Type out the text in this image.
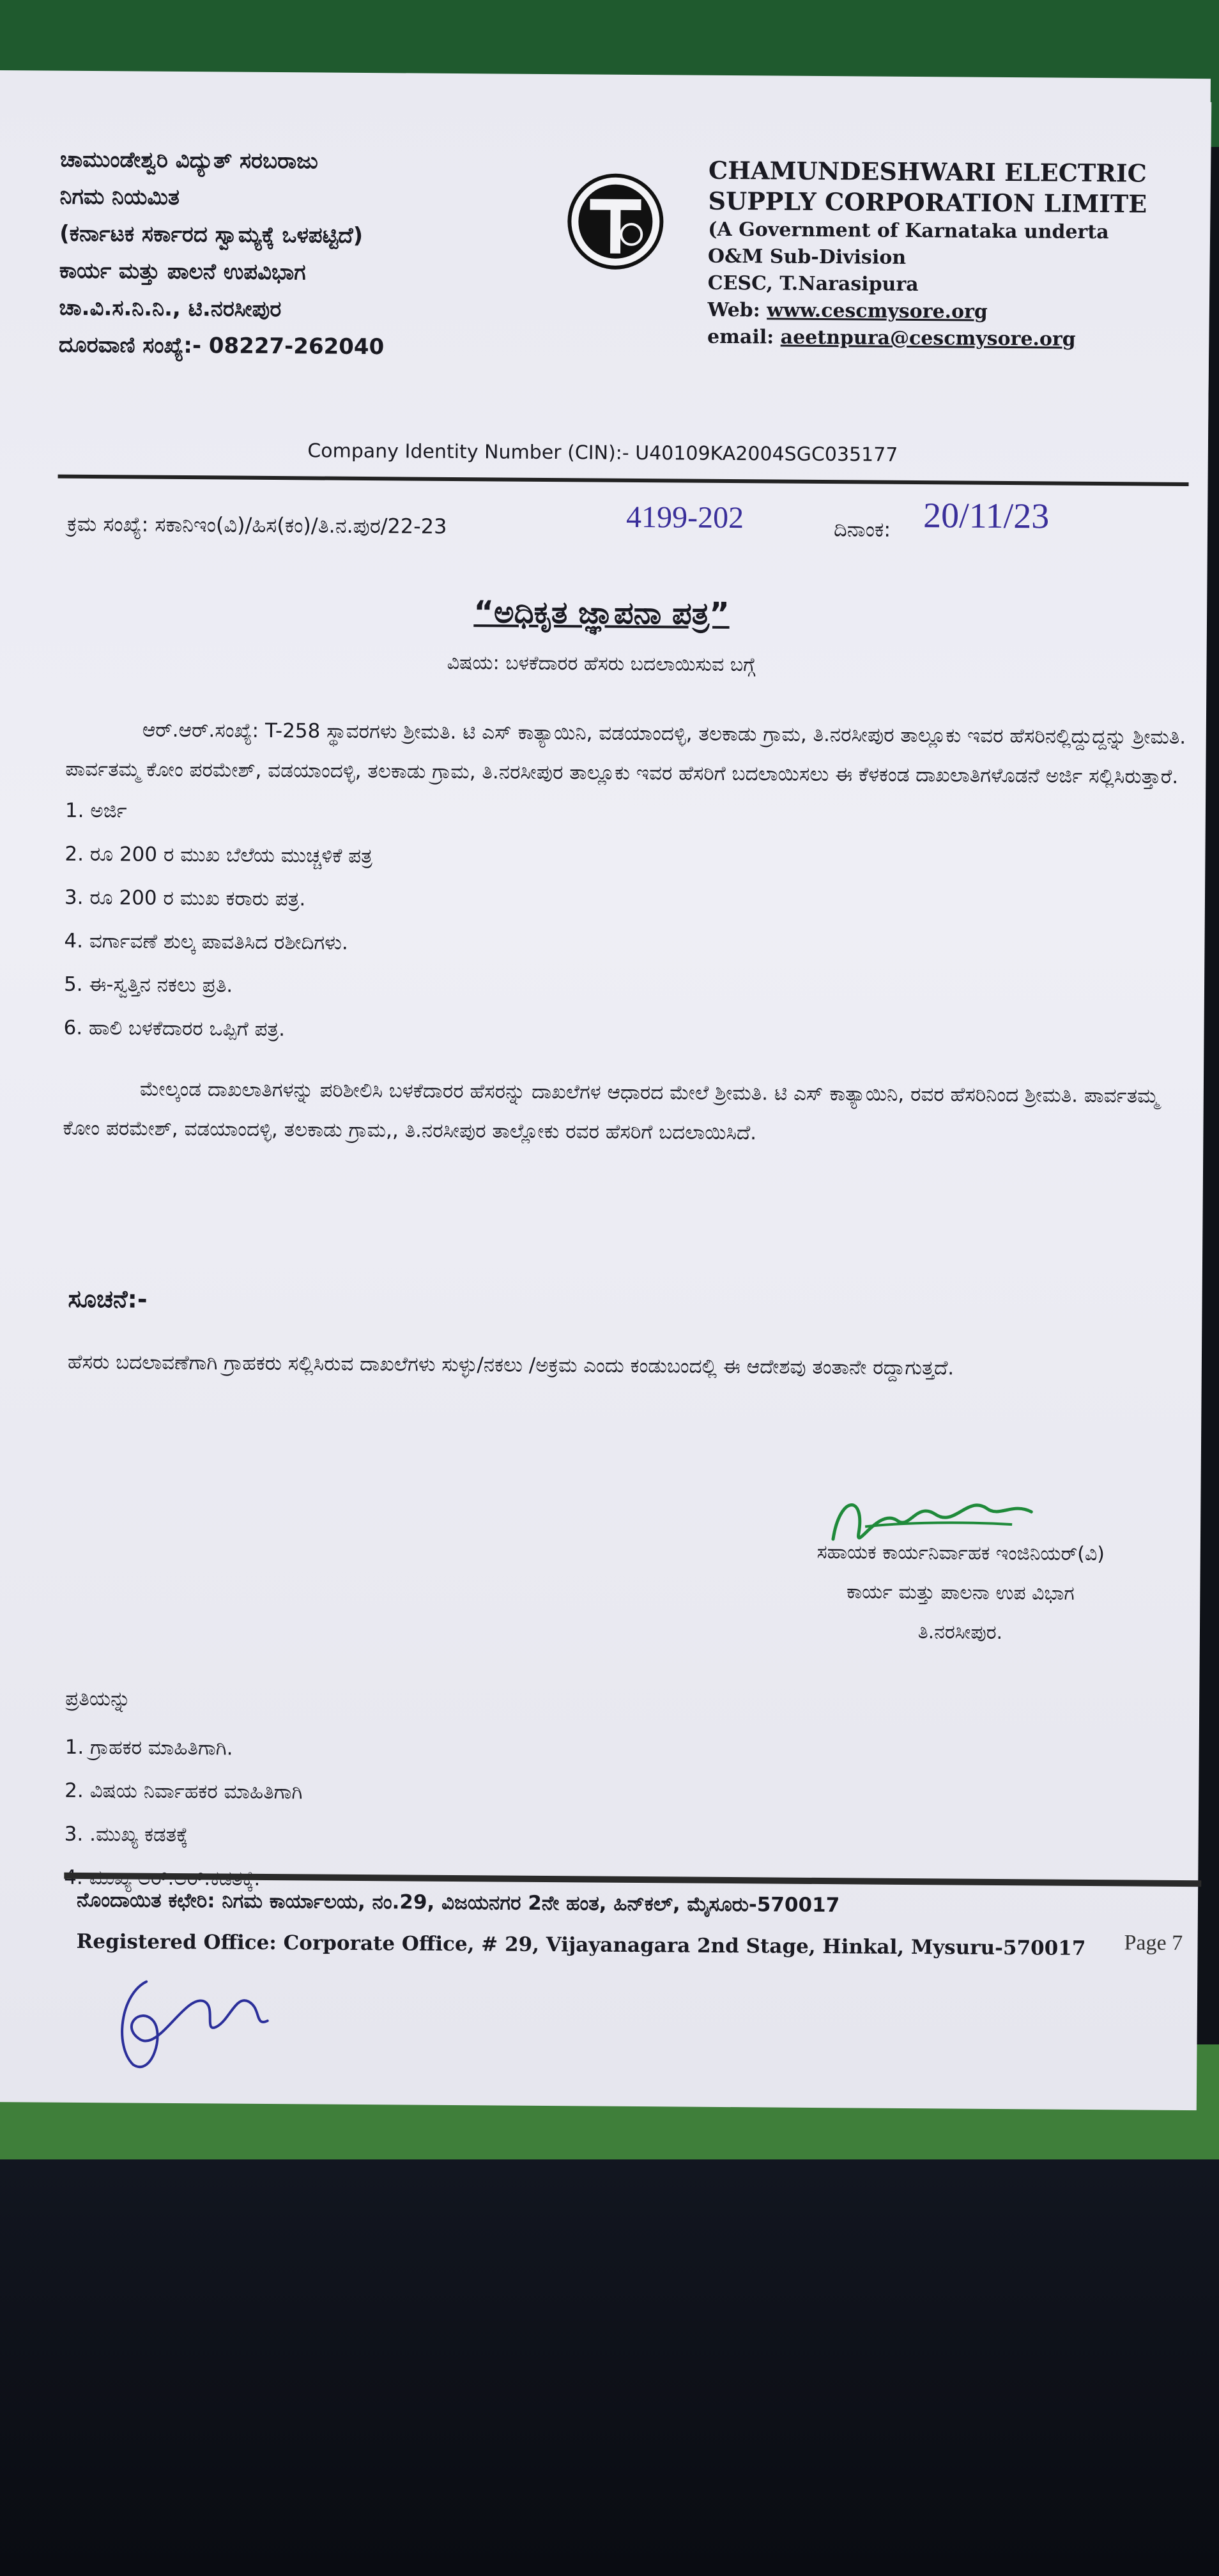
ಚಾಮುಂಡೇಶ್ವರಿ ವಿದ್ಯುತ್ ಸರಬರಾಜು
ನಿಗಮ ನಿಯಮಿತ
(ಕರ್ನಾಟಕ ಸರ್ಕಾರದ ಸ್ವಾಮ್ಯಕ್ಕೆ ಒಳಪಟ್ಟಿದೆ)
ಕಾರ್ಯ ಮತ್ತು ಪಾಲನೆ ಉಪವಿಭಾಗ
ಚಾ.ವಿ.ಸ.ನಿ.ನಿ., ಟಿ.ನರಸೀಪುರ
ದೂರವಾಣಿ ಸಂಖ್ಯೆ:- 08227-262040
CHAMUNDESHWARI ELECTRIC
SUPPLY CORPORATION LIMITE
(A Government of Karnataka underta
O&M Sub-Division
CESC, T.Narasipura
Web: www.cescmysore.org
email: aeetnpura@cescmysore.org
Company Identity Number (CIN):- U40109KA2004SGC035177
ಕ್ರಮ ಸಂಖ್ಯೆ: ಸಕಾನಿಇಂ(ವಿ)/ಹಿಸ(ಕಂ)/ತಿ.ನ.ಪುರ/22-23	4199-202	ದಿನಾಂಕ: 20/11/23
“ಅಧಿಕೃತ ಜ್ಞಾಪನಾ ಪತ್ರ”
ವಿಷಯ: ಬಳಕೆದಾರರ ಹೆಸರು ಬದಲಾಯಿಸುವ ಬಗ್ಗೆ

ಆರ್.ಆರ್.ಸಂಖ್ಯೆ: T-258 ಸ್ಥಾವರಗಳು ಶ್ರೀಮತಿ. ಟಿ ಎಸ್ ಕಾತ್ಯಾಯಿನಿ, ವಡಯಾಂದಳ್ಳಿ, ತಲಕಾಡು ಗ್ರಾಮ, ತಿ.ನರಸೀಪುರ ತಾಲ್ಲೂಕು ಇವರ ಹೆಸರಿನಲ್ಲಿದ್ದುದ್ದನ್ನು ಶ್ರೀಮತಿ. ಪಾರ್ವತಮ್ಮ ಕೋಂ ಪರಮೇಶ್, ವಡಯಾಂದಳ್ಳಿ, ತಲಕಾಡು ಗ್ರಾಮ, ತಿ.ನರಸೀಪುರ ತಾಲ್ಲೂಕು ಇವರ ಹೆಸರಿಗೆ ಬದಲಾಯಿಸಲು ಈ ಕೆಳಕಂಡ ದಾಖಲಾತಿಗಳೊಡನೆ ಅರ್ಜಿ ಸಲ್ಲಿಸಿರುತ್ತಾರೆ.

1. ಅರ್ಜಿ
2. ರೂ 200 ರ ಮುಖ ಬೆಲೆಯ ಮುಚ್ಚಳಿಕೆ ಪತ್ರ
3. ರೂ 200 ರ ಮುಖ ಕರಾರು ಪತ್ರ.
4. ವರ್ಗಾವಣೆ ಶುಲ್ಕ ಪಾವತಿಸಿದ ರಶೀದಿಗಳು.
5. ಈ-ಸ್ವತ್ತಿನ ನಕಲು ಪ್ರತಿ.
6. ಹಾಲಿ ಬಳಕೆದಾರರ ಒಪ್ಪಿಗೆ ಪತ್ರ.

ಮೇಲ್ಕಂಡ ದಾಖಲಾತಿಗಳನ್ನು ಪರಿಶೀಲಿಸಿ ಬಳಕೆದಾರರ ಹೆಸರನ್ನು ದಾಖಲೆಗಳ ಆಧಾರದ ಮೇಲೆ ಶ್ರೀಮತಿ. ಟಿ ಎಸ್ ಕಾತ್ಯಾಯಿನಿ, ರವರ ಹೆಸರಿನಿಂದ ಶ್ರೀಮತಿ. ಪಾರ್ವತಮ್ಮ ಕೋಂ ಪರಮೇಶ್, ವಡಯಾಂದಳ್ಳಿ, ತಲಕಾಡು ಗ್ರಾಮ,, ತಿ.ನರಸೀಪುರ ತಾಲ್ಲೋಕು ರವರ ಹೆಸರಿಗೆ ಬದಲಾಯಿಸಿದೆ.

ಸೂಚನೆ:-
ಹೆಸರು ಬದಲಾವಣೆಗಾಗಿ ಗ್ರಾಹಕರು ಸಲ್ಲಿಸಿರುವ ದಾಖಲೆಗಳು ಸುಳ್ಳು/ನಕಲು /ಅಕ್ರಮ ಎಂದು ಕಂಡುಬಂದಲ್ಲಿ ಈ ಆದೇಶವು ತಂತಾನೇ ರದ್ದಾಗುತ್ತದೆ.
ಸಹಾಯಕ ಕಾರ್ಯನಿರ್ವಾಹಕ ಇಂಜಿನಿಯರ್(ವಿ)
ಕಾರ್ಯ ಮತ್ತು ಪಾಲನಾ ಉಪ ವಿಭಾಗ
ತಿ.ನರಸೀಪುರ.
ಪ್ರತಿಯನ್ನು
1. ಗ್ರಾಹಕರ ಮಾಹಿತಿಗಾಗಿ.
2. ವಿಷಯ ನಿರ್ವಾಹಕರ ಮಾಹಿತಿಗಾಗಿ
3. .ಮುಖ್ಯ ಕಡತಕ್ಕೆ
ನೊಂದಾಯಿತ ಕಛೇರಿ: ನಿಗಮ ಕಾರ್ಯಾಲಯ, ನಂ.29, ವಿಜಯನಗರ 2ನೇ ಹಂತ, ಹಿನ್‌ಕಲ್, ಮೈಸೂರು-570017
Registered Office: Corporate Office, # 29, Vijayanagara 2nd Stage, Hinkal, Mysuru-570017 Page 7
